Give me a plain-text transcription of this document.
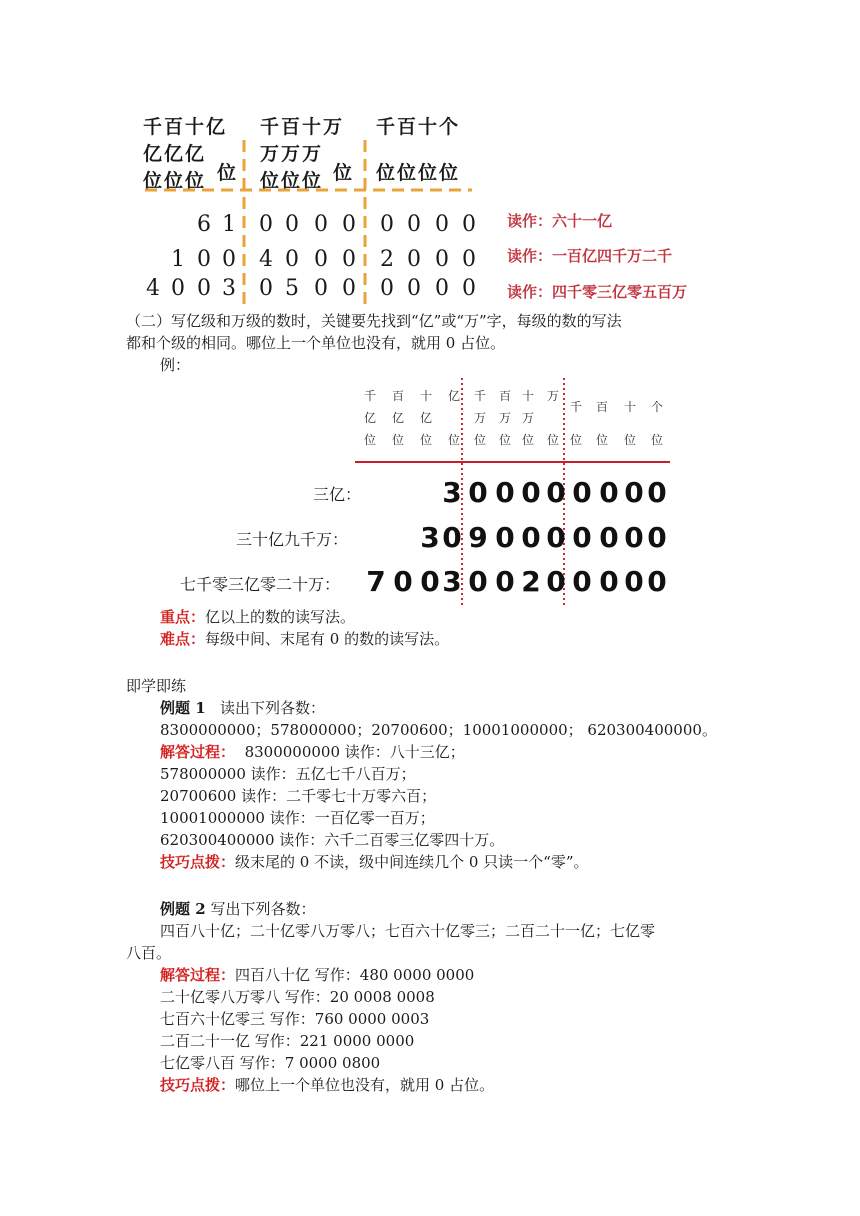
千百十亿
亿亿亿
位位位 位
千百十万
万万万
位位位 位
千百十个
位位位位
6 1 0 0 0 0 0 0 0 0
1 0 0 4 0 0 0 2 0 0 0
4 0 0 3 0 5 0 0 0 0 0 0
读作：六十一亿
读作：一百亿四千万二千
读作：四千零三亿零五百万
（二）写亿级和万级的数时，关键要先找到“亿”或“万”字，每级的数的写法
都和个级的相同。哪位上一个单位也没有，就用 0 占位。
例：
千
亿
位
百
亿
位
十
亿
位
亿
位
千
万
位
百
万
位
十
万
位
万
位
千
位
百
位
十
位
个
位
三亿：
三十亿九千万：
七千零三亿零二十万：
3 0 0 0 0 0 0 0 0
3 0 9 0 0 0 0 0 0 0
7 0 0 3 0 0 2 0 0 0 0 0
重点：亿以上的数的读写法。
难点：每级中间、末尾有 0 的数的读写法。
即学即练
例题 1 读出下列各数：
8300000000；578000000；20700600；10001000000； 620300400000。
解答过程： 8300000000 读作：八十三亿；
578000000 读作：五亿七千八百万；
20700600 读作：二千零七十万零六百；
10001000000 读作：一百亿零一百万；
620300400000 读作：六千二百零三亿零四十万。
技巧点拨：级末尾的 0 不读，级中间连续几个 0 只读一个“零”。
例题 2 写出下列各数：
四百八十亿；二十亿零八万零八；七百六十亿零三；二百二十一亿；七亿零
八百。
解答过程：四百八十亿 写作：480 0000 0000
二十亿零八万零八 写作：20 0008 0008
七百六十亿零三 写作：760 0000 0003
二百二十一亿 写作：221 0000 0000
七亿零八百 写作：7 0000 0800
技巧点拨：哪位上一个单位也没有，就用 0 占位。
